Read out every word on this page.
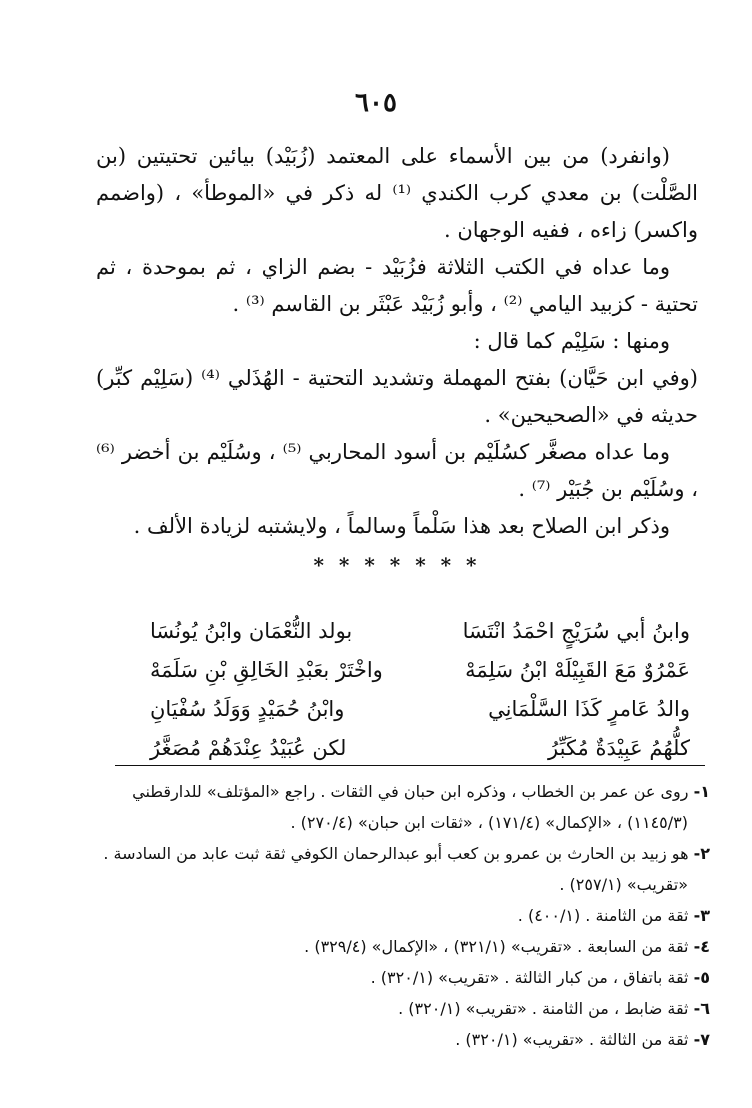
٦٠٥

(وانفرد) من بين الأسماء على المعتمد (زُبَيْد) بيائين تحتيتين (بن الصَّلْت) بن معدي كرب الكندي ⁽¹⁾ له ذكر في «الموطأ» ، (واضمم واكسر) زاءه ، ففيه الوجهان .

وما عداه في الكتب الثلاثة فزُبَيْد - بضم الزاي ، ثم بموحدة ، ثم تحتية - كزبيد اليامي ⁽²⁾ ، وأبو زُبَيْد عَبْثَر بن القاسم ⁽³⁾ .

ومنها : سَلِيْم كما قال :

(وفي ابن حَيَّان) بفتح المهملة وتشديد التحتية - الهُذَلي ⁽⁴⁾ (سَلِيْم كبِّر) حديثه في «الصحيحين» .

وما عداه مصغَّر كسُلَيْم بن أسود المحاربي ⁽⁵⁾ ، وسُلَيْم بن أخضر ⁽⁶⁾ ، وسُلَيْم بن جُبَيْر ⁽⁷⁾ .

وذكر ابن الصلاح بعد هذا سَلْماً وسالماً ، ولايشتبه لزيادة الألف .

* * * * * * *
وابنُ أبي سُرَيْجٍ احْمَدُ انْتَسَا
بولد النُّعْمَان وابْنُ يُونُسَا
عَمْرُوٌ مَعَ القَبِيْلَهْ ابْنُ سَلِمَهْ
واخْتَرْ بعَبْدِ الخَالِقِ بْنِ سَلَمَهْ
والدُ عَامرٍ كَذَا السَّلْمَانِي
وابْنُ حُمَيْدٍ وَوَلَدُ سُفْيَانِ
كلُّهُمُ عَبِيْدَةٌ مُكَبِّرُ
لكن عُبَيْدُ عِنْدَهُمْ مُصَغَّرُ

١- روى عن عمر بن الخطاب ، وذكره ابن حبان في الثقات . راجع «المؤتلف» للدارقطني

(١١٤٥/٣) ، «الإكمال» (١٧١/٤) ، «ثقات ابن حبان» (٢٧٠/٤) .

٢- هو زبيد بن الحارث بن عمرو بن كعب أبو عبدالرحمان الكوفي ثقة ثبت عابد من السادسة .

«تقريب» (٢٥٧/١) .

٣- ثقة من الثامنة . (٤٠٠/١) .

٤- ثقة من السابعة . «تقريب» (٣٢١/١) ، «الإكمال» (٣٢٩/٤) .

٥- ثقة باتفاق ، من كبار الثالثة . «تقريب» (٣٢٠/١) .

٦- ثقة ضابط ، من الثامنة . «تقريب» (٣٢٠/١) .

٧- ثقة من الثالثة . «تقريب» (٣٢٠/١) .
